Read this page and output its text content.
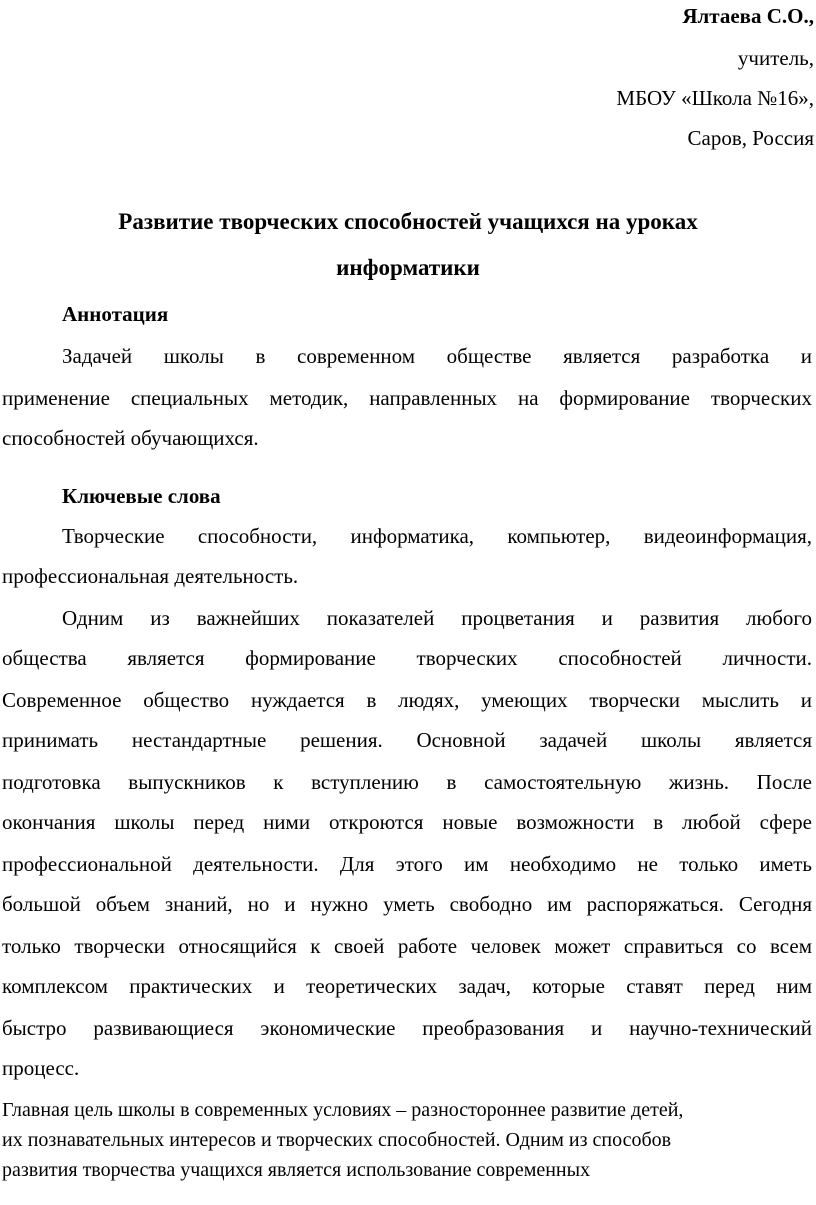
Ялтаева С.О.,
учитель,
МБОУ «Школа №16»,
Саров, Россия
Развитие творческих способностей учащихся на уроках
информатики
Аннотация
Задачей школы в современном обществе является разработка и
применение специальных методик, направленных на формирование творческих
способностей обучающихся.
Ключевые слова
Творческие способности, информатика, компьютер, видеоинформация,
профессиональная деятельность.
Одним из важнейших показателей процветания и развития любого
общества является формирование творческих способностей личности.
Современное общество нуждается в людях, умеющих творчески мыслить и
принимать нестандартные решения. Основной задачей школы является
подготовка выпускников к вступлению в самостоятельную жизнь. После
окончания школы перед ними откроются новые возможности в любой сфере
профессиональной деятельности. Для этого им необходимо не только иметь
большой объем знаний, но и нужно уметь свободно им распоряжаться. Сегодня
только творчески относящийся к своей работе человек может справиться со всем
комплексом практических и теоретических задач, которые ставят перед ним
быстро развивающиеся экономические преобразования и научно-технический
процесс.
Главная цель школы в современных условиях – разностороннее развитие детей,
их познавательных интересов и творческих способностей. Одним из способов
развития творчества учащихся является использование современных
